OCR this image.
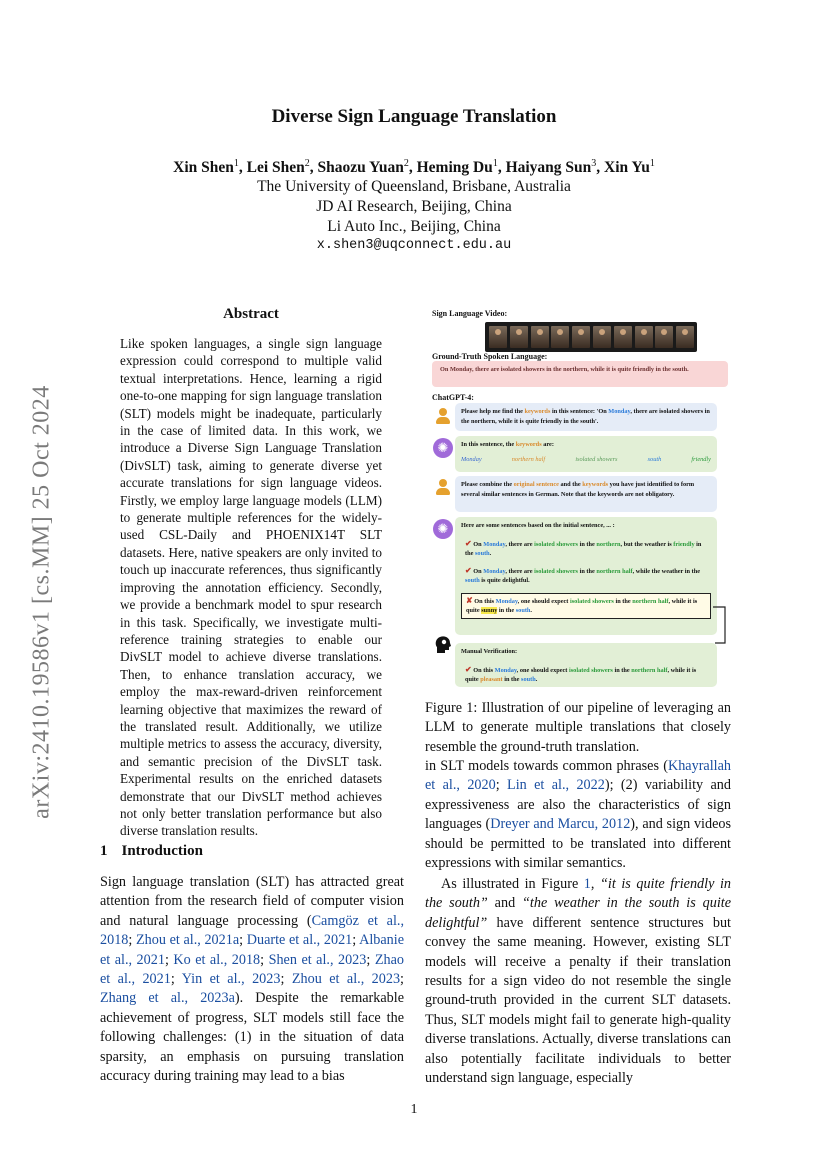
arXiv:2410.19586v1 [cs.MM] 25 Oct 2024
Diverse Sign Language Translation
Xin Shen$^1$, Lei Shen$^2$, Shaozu Yuan$^2$, Heming Du$^1$, Haiyang Sun$^3$, Xin Yu$^1$
The University of Queensland, Brisbane, Australia
JD AI Research, Beijing, China
Li Auto Inc., Beijing, China
x.shen3@uqconnect.edu.au
Abstract
Like spoken languages, a single sign language expression could correspond to multiple valid textual interpretations. Hence, learning a rigid one-to-one mapping for sign language translation (SLT) models might be inadequate, particularly in the case of limited data. In this work, we introduce a Diverse Sign Language Translation (DivSLT) task, aiming to generate diverse yet accurate translations for sign language videos. Firstly, we employ large language models (LLM) to generate multiple references for the widely-used CSL-Daily and PHOENIX14T SLT datasets. Here, native speakers are only invited to touch up inaccurate references, thus significantly improving the annotation efficiency. Secondly, we provide a benchmark model to spur research in this task. Specifically, we investigate multi-reference training strategies to enable our DivSLT model to achieve diverse translations. Then, to enhance translation accuracy, we employ the max-reward-driven reinforcement learning objective that maximizes the reward of the translated result. Additionally, we utilize multiple metrics to assess the accuracy, diversity, and semantic precision of the DivSLT task. Experimental results on the enriched datasets demonstrate that our DivSLT method achieves not only better translation performance but also diverse translation results.
1 Introduction
Sign language translation (SLT) has attracted great attention from the research field of computer vision and natural language processing (Camgöz et al., 2018; Zhou et al., 2021a; Duarte et al., 2021; Albanie et al., 2021; Ko et al., 2018; Shen et al., 2023; Zhao et al., 2021; Yin et al., 2023; Zhou et al., 2023; Zhang et al., 2023a). Despite the remarkable achievement of progress, SLT models still face the following challenges: (1) in the situation of data sparsity, an emphasis on pursuing translation accuracy during training may lead to a bias
Sign Language Video:
Ground-Truth Spoken Language:
On Monday, there are isolated showers in the northern, while it is quite friendly in the south.
ChatGPT-4:
Please help me find the keywords in this sentence: 'On Monday, there are isolated showers in the northern, while it is quite friendly in the south'.
✺	In this sentence, the keywords are:
Monday	northern half	isolated showers	south	friendly
Please combine the original sentence and the keywords you have just identified to form several similar sentences in German. Note that the keywords are not obligatory.
✺	Here are some sentences based on the initial sentence, ... :
✔ On Monday, there are isolated showers in the northern, but the weather is friendly in the south.
✔ On Monday, there are isolated showers in the northern half, while the weather in the south is quite delightful.
✘ On this Monday, one should expect isolated showers in the northern half, while it is quite sunny in the south.
Manual Verification:
✔ On this Monday, one should expect isolated showers in the northern half, while it is quite pleasant in the south.
Figure 1: Illustration of our pipeline of leveraging an LLM to generate multiple translations that closely resemble the ground-truth translation.
in SLT models towards common phrases (Khayrallah et al., 2020; Lin et al., 2022); (2) variability and expressiveness are also the characteristics of sign languages (Dreyer and Marcu, 2012), and sign videos should be permitted to be translated into different expressions with similar semantics.
As illustrated in Figure 1, “it is quite friendly in the south” and “the weather in the south is quite delightful” have different sentence structures but convey the same meaning. However, existing SLT models will receive a penalty if their translation results for a sign video do not resemble the single ground-truth provided in the current SLT datasets. Thus, SLT models might fail to generate high-quality diverse translations. Actually, diverse translations can also potentially facilitate individuals to better understand sign language, especially
1
